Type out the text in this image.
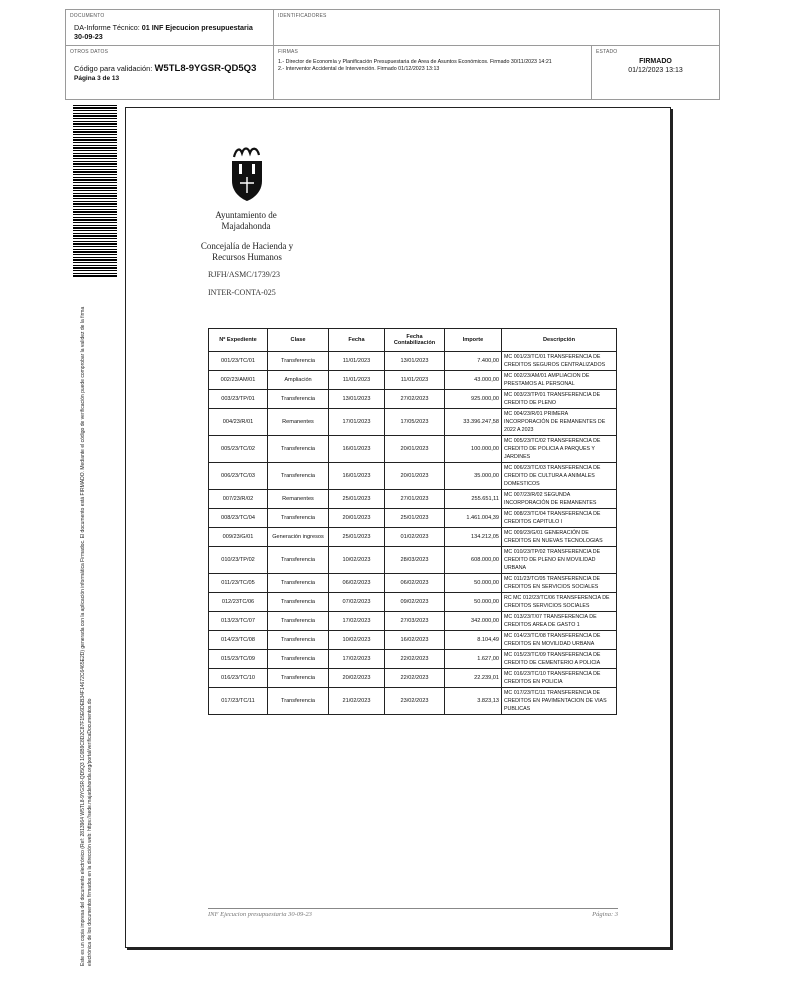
DOCUMENTO
DA-Informe Técnico: 01 INF Ejecucion presupuestaria 30-09-23
IDENTIFICADORES
OTROS DATOS
Código para validación: W5TL8-9YGSR-QD5Q3
Página 3 de 13
FIRMAS
1.- Director de Economía y Planificación Presupuestaria de Area de Asuntos Económicos. Firmado 30/11/2023 14:21
2.- Interventor Accidental de Intervención. Firmado 01/12/2023 13:13
ESTADO
FIRMADO
01/12/2023 13:13
Este es un copia impresa del documento electrónico (Ref: 2813964 W5TL8-9YGSR-QD5Q3 1C6B9C8D2C87F15E6DEB34F14672C6465E2D) generada con la aplicación informática Firmadoc. El documento está FIRMADO. Mediante el código de verificación puede comprobar la validez de la firma electrónica de los documentos firmados en la dirección web: https://sede.majadahonda.org/portal/verificaDocumentos.do
Ayuntamiento de Majadahonda
Concejalía de Hacienda y Recursos Humanos
RJFH/ASMC/1739/23
INTER-CONTA-025
Nº Expediente	Clase	Fecha	Fecha Contabilización	Importe	Descripción
001/23/TC/01	Transferencia	11/01/2023	13/01/2023	7.400,00	MC 001/23/TC/01 TRANSFERENCIA DE CREDITOS SEGUROS CENTRALIZADOS
002/23/AM/01	Ampliación	11/01/2023	11/01/2023	43.000,00	MC 002/23/AM/01 AMPLIACION DE PRESTAMOS AL PERSONAL
003/23/TP/01	Transferencia	13/01/2023	27/02/2023	925.000,00	MC 003/23/TP/01 TRANSFERENCIA DE CREDITO DE PLENO
004/23/R/01	Remanentes	17/01/2023	17/05/2023	33.396.247,58	MC 004/23/R/01 PRIMERA INCORPORACIÓN DE REMANENTES DE 2022 A 2023
005/23/TC/02	Transferencia	16/01/2023	20/01/2023	100.000,00	MC 005/23/TC/02 TRANSFERENCIA DE CREDITO DE POLICIA A PARQUES Y JARDINES
006/23/TC/03	Transferencia	16/01/2023	20/01/2023	35.000,00	MC 006/23/TC/03 TRANSFERENCIA DE CREDITO DE CULTURA A ANIMALES DOMESTICOS
007/23/R/02	Remanentes	25/01/2023	27/01/2023	255.651,11	MC 007/23/R/02 SEGUNDA INCORPORACIÓN DE REMANENTES
008/23/TC/04	Transferencia	20/01/2023	25/01/2023	1.461.004,39	MC 008/23/TC/04 TRANSFERENCIA DE CREDITOS CAPITULO I
009/23/G/01	Generación ingresos	25/01/2023	01/02/2023	134.212,05	MC 009/23/G/01 GENERACIÓN DE CREDITOS EN NUEVAS TECNOLOGIAS
010/23/TP/02	Transferencia	10/02/2023	28/03/2023	608.000,00	MC 010/23/TP/02 TRANSFERENCIA DE CREDITO DE PLENO EN MOVILIDAD URBANA
011/23/TC/05	Transferencia	06/02/2023	06/02/2023	50.000,00	MC 011/23/TC/05 TRANSFERENCIA DE CREDITOS EN SERVICIOS SOCIALES
012/23TC/06	Transferencia	07/02/2023	09/02/2023	50.000,00	RC MC 012/23/TC/06 TRANSFERENCIA DE CREDITOS SERVICIOS SOCIALES
013/23/TC/07	Transferencia	17/02/2023	27/03/2023	342.000,00	MC 013/23/T/07 TRANSFERENCIA DE CREDITOS AREA DE GASTO 1
014/23/TC/08	Transferencia	10/02/2023	16/02/2023	8.104,49	MC 014/23/TC/08 TRANSFERENCIA DE CREDITOS EN MOVILIDAD URBANA
015/23/TC/09	Transferencia	17/02/2023	22/02/2023	1.627,00	MC 015/23/TC/09 TRANSFERENCIA DE CREDITO DE CEMENTERIO A POLICIA
016/23/TC/10	Transferencia	20/02/2023	22/02/2023	22.239,01	MC 016/23/TC/10 TRANSFERENCIA DE CREDITOS EN POLICIA
017/23/TC/11	Transferencia	21/02/2023	23/02/2023	3.823,13	MC 017/23/TC/11 TRANSFERENCIA DE CREDITOS EN PAVIMENTACION DE VIAS PUBLICAS
INF Ejecucion presupuestaria 30-09-23	Página: 3
